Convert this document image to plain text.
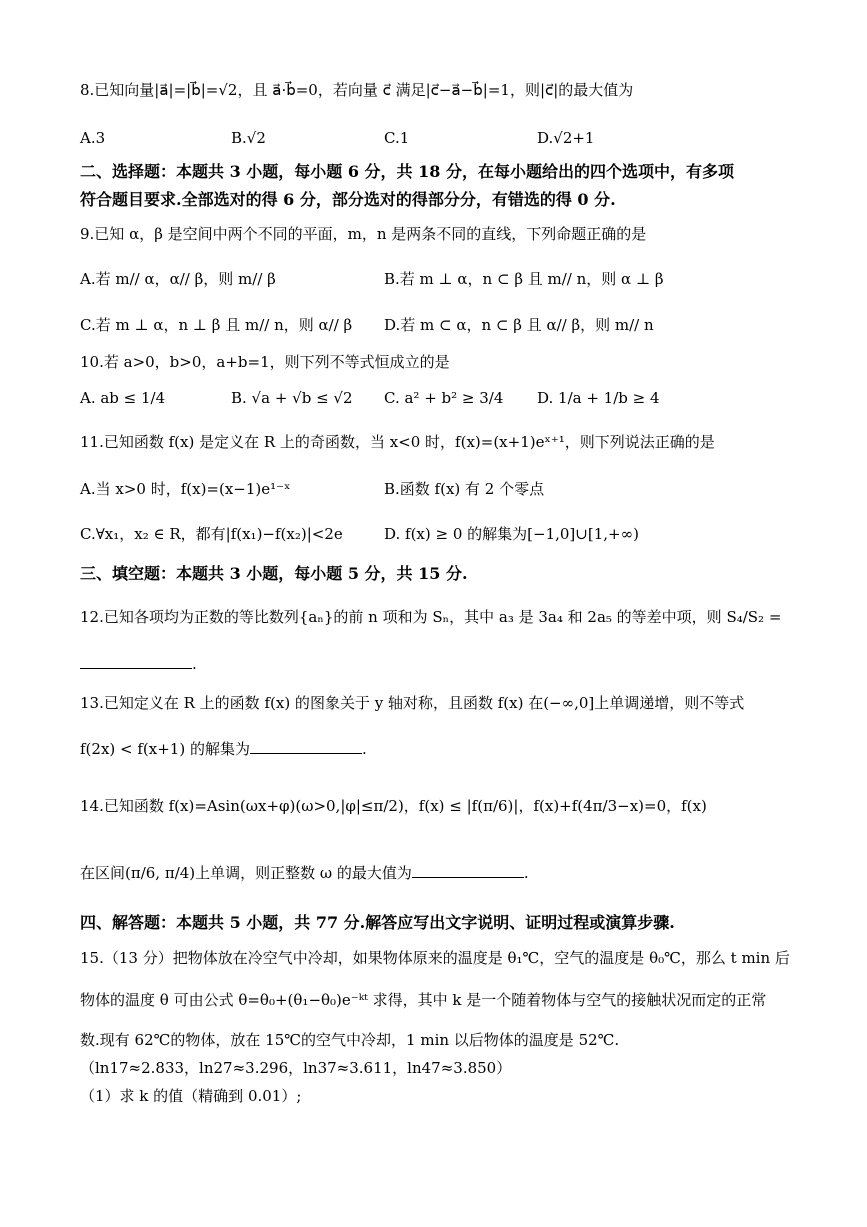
8.已知向量|a⃗|=|b⃗|=√2，且 a⃗·b⃗=0，若向量 c⃗ 满足|c⃗−a⃗−b⃗|=1，则|c⃗|的最大值为
A.3	B.√2	C.1	D.√2+1
二、选择题：本题共 3 小题，每小题 6 分，共 18 分，在每小题给出的四个选项中，有多项
符合题目要求.全部选对的得 6 分，部分选对的得部分分，有错选的得 0 分.
9.已知 α，β 是空间中两个不同的平面，m，n 是两条不同的直线，下列命题正确的是
A.若 m// α，α// β，则 m// β	B.若 m ⊥ α，n ⊂ β 且 m// n，则 α ⊥ β
C.若 m ⊥ α，n ⊥ β 且 m// n，则 α// β D.若 m ⊂ α，n ⊂ β 且 α// β，则 m// n
10.若 a>0，b>0，a+b=1，则下列不等式恒成立的是
A. ab ≤ 1/4	B. √a + √b ≤ √2 C. a² + b² ≥ 3/4 D. 1/a + 1/b ≥ 4
11.已知函数 f(x) 是定义在 R 上的奇函数，当 x<0 时，f(x)=(x+1)eˣ⁺¹，则下列说法正确的是
A.当 x>0 时，f(x)=(x−1)e¹⁻ˣ	B.函数 f(x) 有 2 个零点
C.∀x₁，x₂ ∈ R，都有|f(x₁)−f(x₂)|<2e	D. f(x) ≥ 0 的解集为[−1,0]∪[1,+∞)
三、填空题：本题共 3 小题，每小题 5 分，共 15 分.
12.已知各项均为正数的等比数列{aₙ}的前 n 项和为 Sₙ，其中 a₃ 是 3a₄ 和 2a₅ 的等差中项，则 S₄/S₂ =
.
13.已知定义在 R 上的函数 f(x) 的图象关于 y 轴对称，且函数 f(x) 在(−∞,0]上单调递增，则不等式
f(2x) < f(x+1) 的解集为	.
14.已知函数 f(x)=Asin(ωx+φ)(ω>0,|φ|≤π/2)，f(x) ≤ |f(π/6)|，f(x)+f(4π/3−x)=0，f(x)
在区间(π/6, π/4)上单调，则正整数 ω 的最大值为	.
四、解答题：本题共 5 小题，共 77 分.解答应写出文字说明、证明过程或演算步骤.
15.（13 分）把物体放在冷空气中冷却，如果物体原来的温度是 θ₁℃，空气的温度是 θ₀℃，那么 t min 后
物体的温度 θ 可由公式 θ=θ₀+(θ₁−θ₀)e⁻ᵏᵗ 求得，其中 k 是一个随着物体与空气的接触状况而定的正常
数.现有 62℃的物体，放在 15℃的空气中冷却，1 min 以后物体的温度是 52℃.
（ln17≈2.833，ln27≈3.296，ln37≈3.611，ln47≈3.850）
（1）求 k 的值（精确到 0.01）;
